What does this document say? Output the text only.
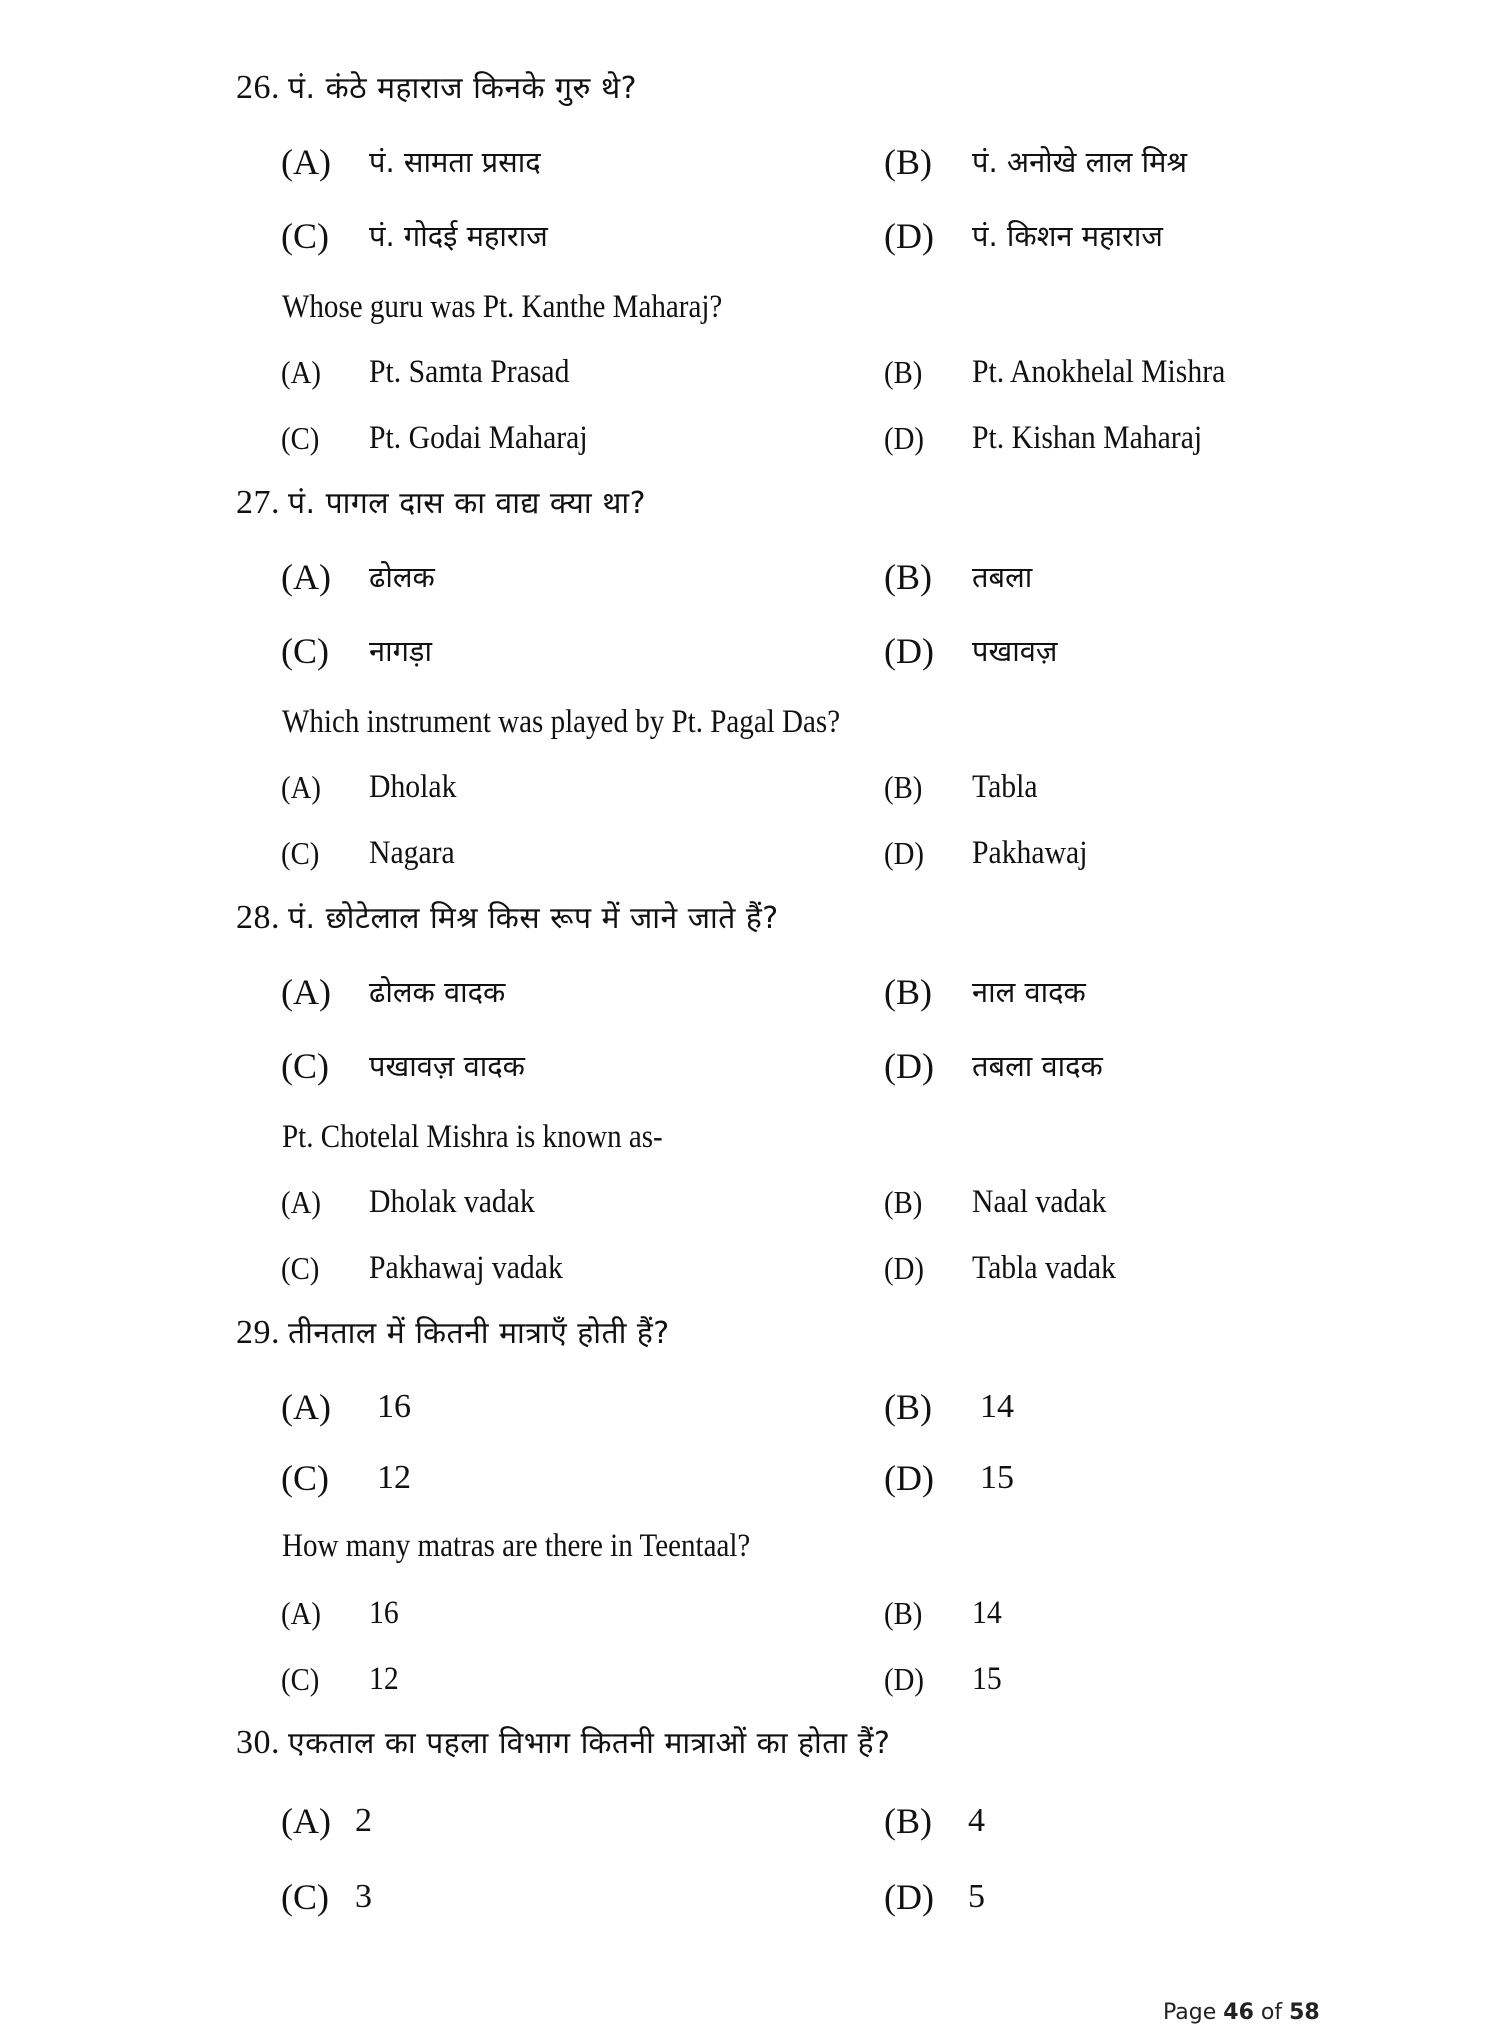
26. पं. कंठे महाराज किनके गुरु थे?
(A) पं. सामता प्रसाद	(B) पं. अनोखे लाल मिश्र
(C) पं. गोदई महाराज	(D) पं. किशन महाराज
Whose guru was Pt. Kanthe Maharaj?
(A) Pt. Samta Prasad	(B) Pt. Anokhelal Mishra
(C) Pt. Godai Maharaj	(D) Pt. Kishan Maharaj
27. पं. पागल दास का वाद्य क्या था?
(A) ढोलक	(B) तबला
(C) नागड़ा	(D) पखावज़
Which instrument was played by Pt. Pagal Das?
(A) Dholak	(B) Tabla
(C) Nagara	(D) Pakhawaj
28. पं. छोटेलाल मिश्र किस रूप में जाने जाते हैं?
(A) ढोलक वादक	(B) नाल वादक
(C) पखावज़ वादक	(D) तबला वादक
Pt. Chotelal Mishra is known as-
(A) Dholak vadak	(B) Naal vadak
(C) Pakhawaj vadak	(D) Tabla vadak
29. तीनताल में कितनी मात्राएँ होती हैं?
(A) 16	(B) 14
(C) 12	(D) 15
How many matras are there in Teentaal?
(A) 16	(B) 14
(C) 12	(D) 15
30. एकताल का पहला विभाग कितनी मात्राओं का होता हैं?
(A) 2	(B) 4
(C) 3	(D) 5
Page 46 of 58
